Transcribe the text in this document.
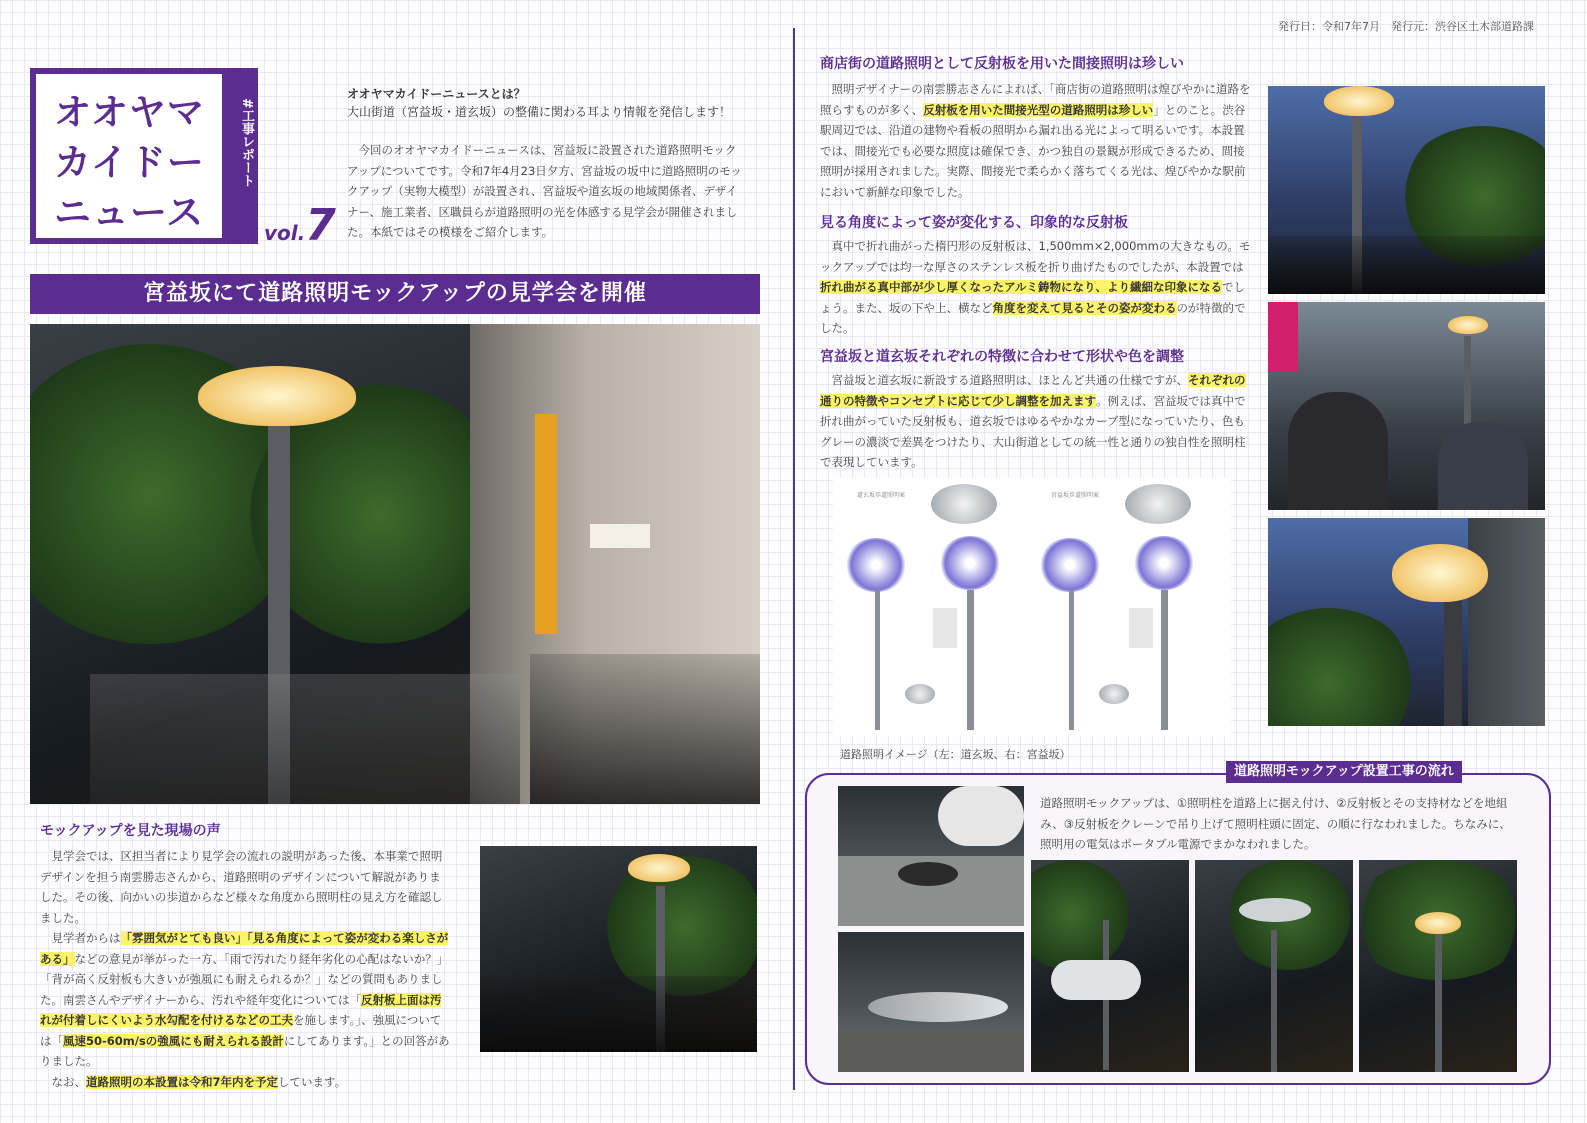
発行日：令和7年7月　発行元：渋谷区土木部道路課
オオヤマ
カイドー
ニュース
#工事レポート
vol.7
オオヤマカイドーニュースとは？
大山街道（宮益坂・道玄坂）の整備に関わる耳より情報を発信します！
今回のオオヤマカイドーニュースは、宮益坂に設置された道路照明モックアップについてです。令和7年4月23日夕方、宮益坂の坂中に道路照明のモックアップ（実物大模型）が設置され、宮益坂や道玄坂の地域関係者、デザイナー、施工業者、区職員らが道路照明の光を体感する見学会が開催されました。本紙ではその模様をご紹介します。
宮益坂にて道路照明モックアップの見学会を開催
モックアップを見た現場の声
見学会では、区担当者により見学会の流れの説明があった後、本事業で照明デザインを担う南雲勝志さんから、道路照明のデザインについて解説がありました。その後、向かいの歩道からなど様々な角度から照明柱の見え方を確認しました。
見学者からは「雰囲気がとても良い」「見る角度によって姿が変わる楽しさがある」などの意見が挙がった一方、「雨で汚れたり経年劣化の心配はないか？」「背が高く反射板も大きいが強風にも耐えられるか？」などの質問もありました。南雲さんやデザイナーから、汚れや経年変化については「反射板上面は汚れが付着しにくいよう水勾配を付けるなどの工夫を施します。」、強風については「風速50-60m/sの強風にも耐えられる設計にしてあります。」との回答がありました。
なお、道路照明の本設置は令和7年内を予定しています。
商店街の道路照明として反射板を用いた間接照明は珍しい
照明デザイナーの南雲勝志さんによれば、「商店街の道路照明は煌びやかに道路を照らすものが多く、反射板を用いた間接光型の道路照明は珍しい」とのこと。渋谷駅周辺では、沿道の建物や看板の照明から漏れ出る光によって明るいです。本設置では、間接光でも必要な照度は確保でき、かつ独自の景観が形成できるため、間接照明が採用されました。実際、間接光で柔らかく落ちてくる光は、煌びやかな駅前において新鮮な印象でした。
見る角度によって姿が変化する、印象的な反射板
真中で折れ曲がった楕円形の反射板は、1,500mm×2,000mmの大きなもの。モックアップでは均一な厚さのステンレス板を折り曲げたものでしたが、本設置では折れ曲がる真中部が少し厚くなったアルミ鋳物になり、より繊細な印象になるでしょう。また、坂の下や上、横など角度を変えて見るとその姿が変わるのが特徴的でした。
宮益坂と道玄坂それぞれの特徴に合わせて形状や色を調整
宮益坂と道玄坂に新設する道路照明は、ほとんど共通の仕様ですが、それぞれの通りの特徴やコンセプトに応じて少し調整を加えます。例えば、宮益坂では真中で折れ曲がっていた反射板も、道玄坂ではゆるやかなカーブ型になっていたり、色もグレーの濃淡で差異をつけたり、大山街道としての統一性と通りの独自性を照明柱で表現しています。
道玄坂歩道照明案	宮益坂歩道照明案
道路照明イメージ（左：道玄坂、右：宮益坂）
道路照明モックアップ設置工事の流れ
道路照明モックアップは、①照明柱を道路上に据え付け、②反射板とその支持材などを地組み、③反射板をクレーンで吊り上げて照明柱頭に固定、の順に行なわれました。ちなみに、照明用の電気はポータブル電源でまかなわれました。
